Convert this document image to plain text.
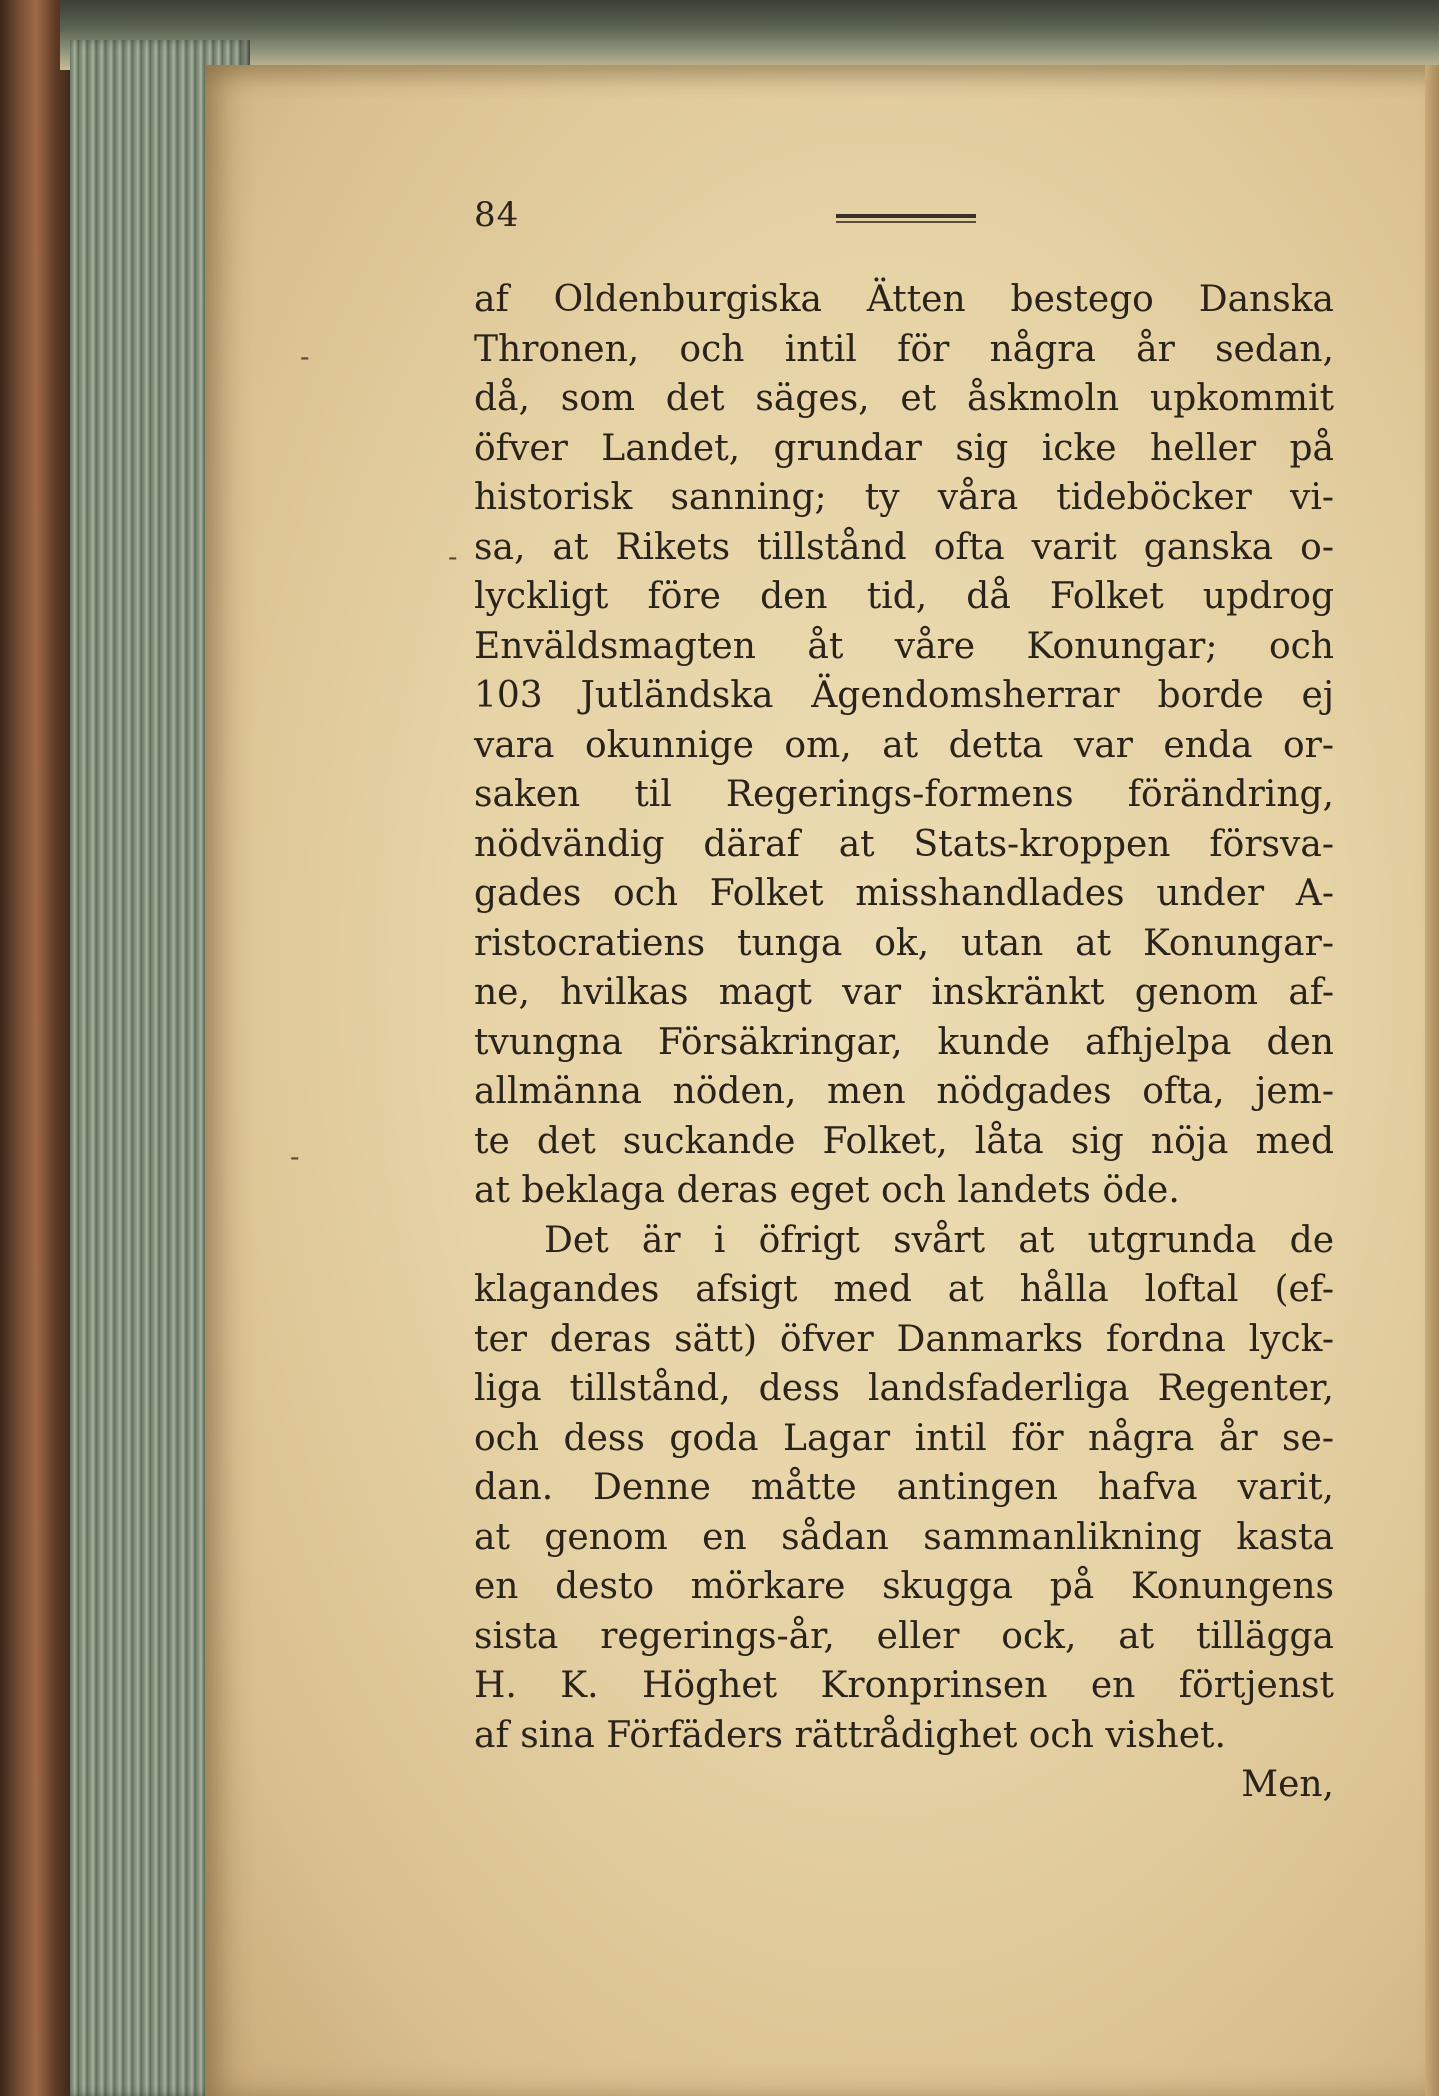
84
-
-
-
af Oldenburgiska Ätten bestego Danska
Thronen, och intil för några år sedan,
då, som det säges, et åskmoln upkommit
öfver Landet, grundar sig icke heller på
historisk sanning; ty våra tideböcker vi-
sa, at Rikets tillstånd ofta varit ganska o-
lyckligt före den tid, då Folket updrog
Enväldsmagten åt våre Konungar; och
103 Jutländska Ägendomsherrar borde ej
vara okunnige om, at detta var enda or-
saken til Regerings-formens förändring,
nödvändig däraf at Stats-kroppen försva-
gades och Folket misshandlades under A-
ristocratiens tunga ok, utan at Konungar-
ne, hvilkas magt var inskränkt genom af-
tvungna Försäkringar, kunde afhjelpa den
allmänna nöden, men nödgades ofta, jem-
te det suckande Folket, låta sig nöja med
at beklaga deras eget och landets öde.
Det är i öfrigt svårt at utgrunda de
klagandes afsigt med at hålla loftal (ef-
ter deras sätt) öfver Danmarks fordna lyck-
liga tillstånd, dess landsfaderliga Regenter,
och dess goda Lagar intil för några år se-
dan. Denne måtte antingen hafva varit,
at genom en sådan sammanlikning kasta
en desto mörkare skugga på Konungens
sista regerings-år, eller ock, at tillägga
H. K. Höghet Kronprinsen en förtjenst
af sina Förfäders rättrådighet och vishet.
Men,
